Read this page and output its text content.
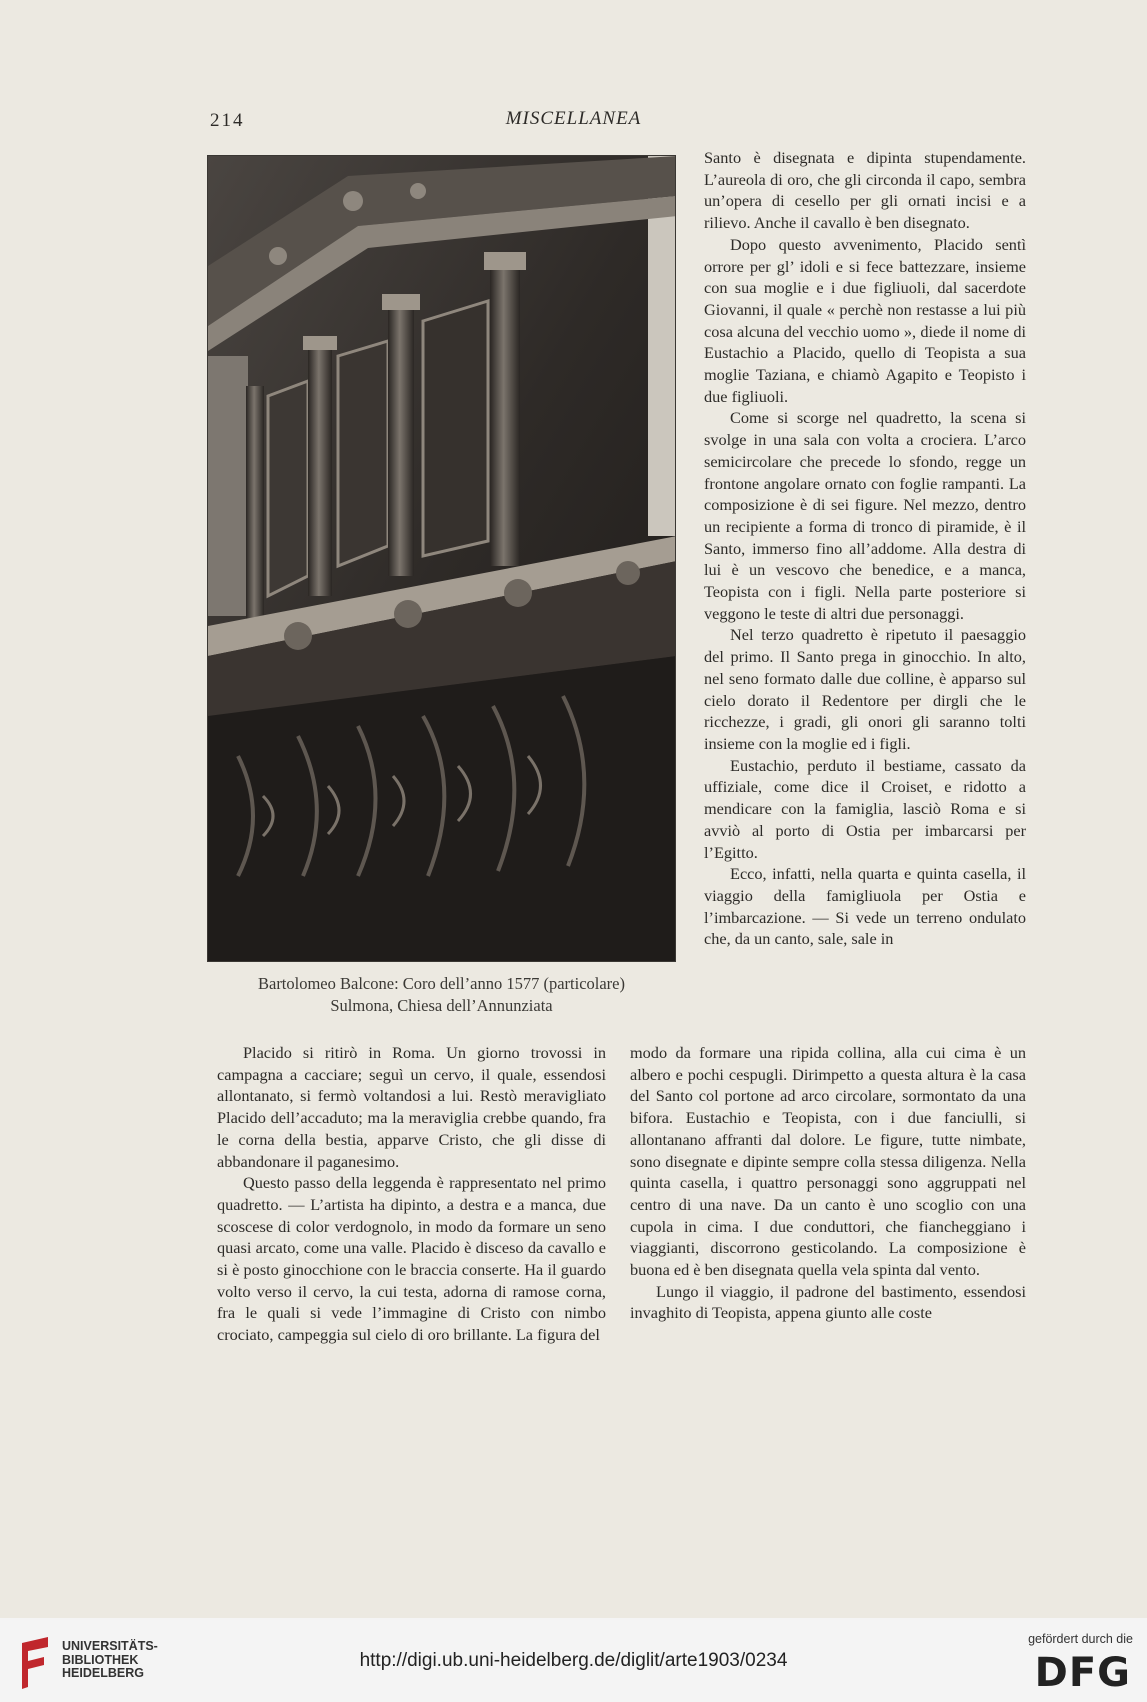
214	MISCELLANEA
Bartolomeo Balcone: Coro dell’anno 1577 (particolare)
Sulmona, Chiesa dell’Annunziata

Santo è disegnata e dipinta stupendamente. L’aureola di oro, che gli circonda il capo, sembra un’opera di cesello per gli ornati incisi e a rilievo. Anche il cavallo è ben disegnato.

Dopo questo avvenimento, Placido sentì orrore per gl’ idoli e si fece battezzare, insieme con sua moglie e i due figliuoli, dal sacerdote Giovanni, il quale « perchè non restasse a lui più cosa alcuna del vecchio uomo », diede il nome di Eustachio a Placido, quello di Teopista a sua moglie Taziana, e chiamò Agapito e Teopisto i due figliuoli.

Come si scorge nel quadretto, la scena si svolge in una sala con volta a crociera. L’arco semicircolare che precede lo sfondo, regge un frontone angolare ornato con foglie rampanti. La composizione è di sei figure. Nel mezzo, dentro un recipiente a forma di tronco di piramide, è il Santo, immerso fino all’addome. Alla destra di lui è un vescovo che benedice, e a manca, Teopista con i figli. Nella parte posteriore si veggono le teste di altri due personaggi.

Nel terzo quadretto è ripetuto il paesaggio del primo. Il Santo prega in ginocchio. In alto, nel seno formato dalle due colline, è apparso sul cielo dorato il Redentore per dirgli che le ricchezze, i gradi, gli onori gli saranno tolti insieme con la moglie ed i figli.

Eustachio, perduto il bestiame, cassato da uffiziale, come dice il Croiset, e ridotto a mendicare con la famiglia, lasciò Roma e si avviò al porto di Ostia per imbarcarsi per l’Egitto.

Ecco, infatti, nella quarta e quinta casella, il viaggio della famigliuola per Ostia e l’imbarcazione. — Si vede un terreno ondulato che, da un canto, sale, sale in

Placido si ritirò in Roma. Un giorno trovossi in campagna a cacciare; seguì un cervo, il quale, essendosi allontanato, si fermò voltandosi a lui. Restò meravigliato Placido dell’accaduto; ma la meraviglia crebbe quando, fra le corna della bestia, apparve Cristo, che gli disse di abbandonare il paganesimo.

Questo passo della leggenda è rappresentato nel primo quadretto. — L’artista ha dipinto, a destra e a manca, due scoscese di color verdognolo, in modo da formare un seno quasi arcato, come una valle. Placido è disceso da cavallo e si è posto ginocchione con le braccia conserte. Ha il guardo volto verso il cervo, la cui testa, adorna di ramose corna, fra le quali si vede l’immagine di Cristo con nimbo crociato, campeggia sul cielo di oro brillante. La figura del

modo da formare una ripida collina, alla cui cima è un albero e pochi cespugli. Dirimpetto a questa altura è la casa del Santo col portone ad arco circolare, sormontato da una bifora. Eustachio e Teopista, con i due fanciulli, si allontanano affranti dal dolore. Le figure, tutte nimbate, sono disegnate e dipinte sempre colla stessa diligenza. Nella quinta casella, i quattro personaggi sono aggruppati nel centro di una nave. Da un canto è uno scoglio con una cupola in cima. I due conduttori, che fiancheggiano i viaggianti, discorrono gesticolando. La composizione è buona ed è ben disegnata quella vela spinta dal vento.

Lungo il viaggio, il padrone del bastimento, essendosi invaghito di Teopista, appena giunto alle coste

UNIVERSITÄTS-
BIBLIOTHEK
HEIDELBERG
http://digi.ub.uni-heidelberg.de/diglit/arte1903/0234
gefördert durch die
DFG
